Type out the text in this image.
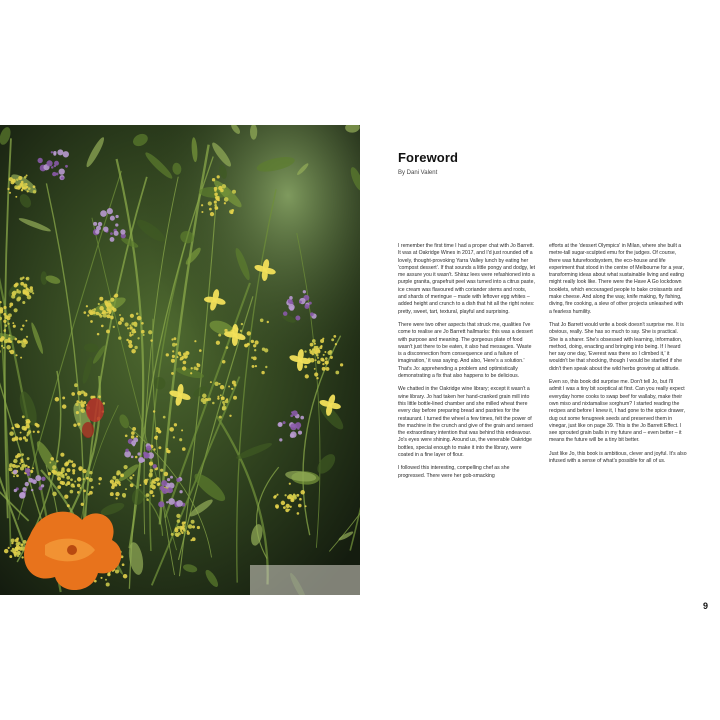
Foreword
By Dani Valent

I remember the first time I had a proper chat with Jo Barrett. It was at Oakridge Wines in 2017, and I'd just rounded off a lovely, thought-provoking Yarra Valley lunch by eating her 'compost dessert'. If that sounds a little pongy and dodgy, let me assure you it wasn't. Shiraz lees were refashioned into a purple granita, grapefruit peel was turned into a citrus paste, ice cream was flavoured with coriander stems and roots, and shards of meringue – made with leftover egg whites – added height and crunch to a dish that hit all the right notes: pretty, sweet, tart, textural, playful and surprising.

There were two other aspects that struck me, qualities I've come to realise are Jo Barrett hallmarks: this was a dessert with purpose and meaning. The gorgeous plate of food wasn't just there to be eaten, it also had messages. 'Waste is a disconnection from consequence and a failure of imagination,' it was saying. And also, 'Here's a solution.' That's Jo: apprehending a problem and optimistically demonstrating a fix that also happens to be delicious.

We chatted in the Oakridge wine library; except it wasn't a wine library. Jo had taken her hand-cranked grain mill into this little bottle-lined chamber and she milled wheat there every day before preparing bread and pastries for the restaurant. I turned the wheel a few times, felt the power of the machine in the crunch and give of the grain and sensed the extraordinary intention that was behind this endeavour. Jo's eyes were shining. Around us, the venerable Oakridge bottles, special enough to make it into the library, were coated in a fine layer of flour.

I followed this interesting, compelling chef as she progressed. There were her gob-smacking

efforts at the 'dessert Olympics' in Milan, where she built a metre-tall sugar-sculpted emu for the judges. Of course, there was futurefoodsystem, the eco-house and life experiment that stood in the centre of Melbourne for a year, transforming ideas about what sustainable living and eating might really look like. There were the Have A Go lockdown booklets, which encouraged people to bake croissants and make cheese. And along the way, knife making, fly fishing, diving, fire cooking, a slew of other projects unleashed with a fearless humility.

That Jo Barrett would write a book doesn't surprise me. It is obvious, really. She has so much to say. She is practical. She is a sharer. She's obsessed with learning, information, method, doing, enacting and bringing into being. If I heard her say one day, 'Everest was there so I climbed it,' it wouldn't be that shocking, though I would be startled if she didn't then speak about the wild herbs growing at altitude.

Even so, this book did surprise me. Don't tell Jo, but I'll admit I was a tiny bit sceptical at first. Can you really expect everyday home cooks to swap beef for wallaby, make their own miso and nixtamalise sorghum? I started reading the recipes and before I knew it, I had gone to the spice drawer, dug out some fenugreek seeds and preserved them in vinegar, just like on page 39. This is the Jo Barrett Effect. I see sprouted grain balls in my future and – even better – it means the future will be a tiny bit better.

Just like Jo, this book is ambitious, clever and joyful. It's also infused with a sense of what's possible for all of us.

9
